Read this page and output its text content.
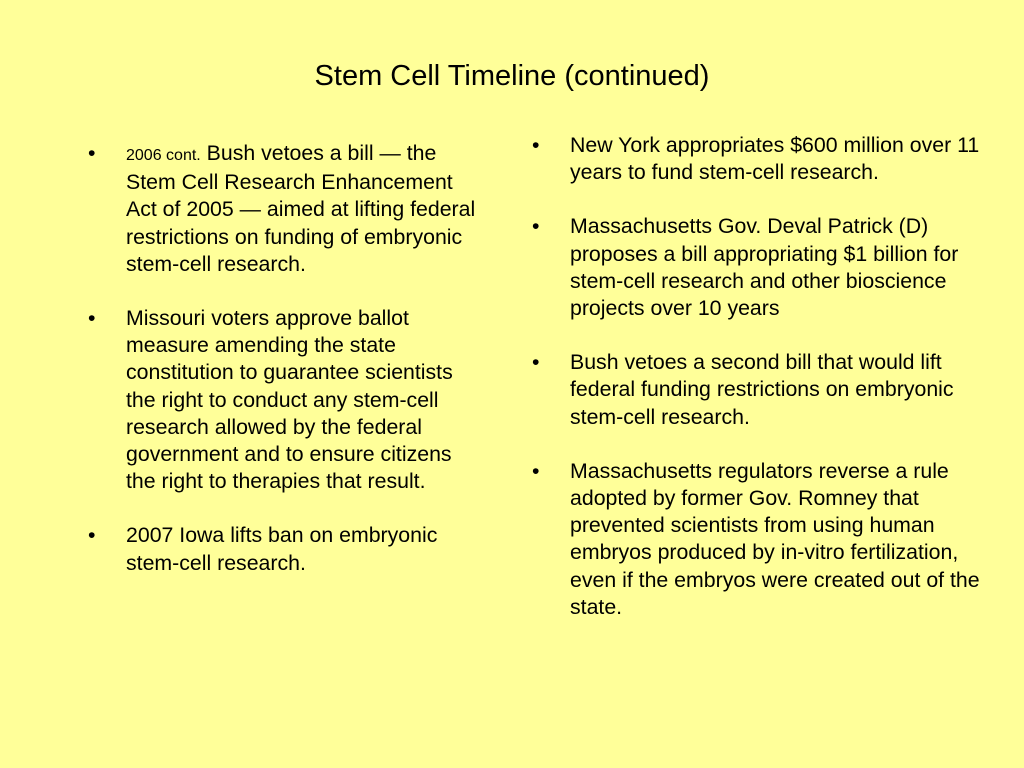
Stem Cell Timeline (continued)
•	2006 cont. Bush vetoes a bill — the Stem Cell Research Enhancement Act of 2005 — aimed at lifting federal restrictions on funding of embryonic stem-cell research.
•	Missouri voters approve ballot measure amending the state constitution to guarantee scientists the right to conduct any stem-cell research allowed by the federal government and to ensure citizens the right to therapies that result.
•	2007 Iowa lifts ban on embryonic stem-cell research.
•	New York appropriates $600 million over 11 years to fund stem-cell research.
•	Massachusetts Gov. Deval Patrick (D) proposes a bill appropriating $1 billion for stem-cell research and other bioscience projects over 10 years
•	Bush vetoes a second bill that would lift federal funding restrictions on embryonic stem-cell research.
•	Massachusetts regulators reverse a rule adopted by former Gov. Romney that prevented scientists from using human embryos produced by in-vitro fertilization, even if the embryos were created out of the state.
